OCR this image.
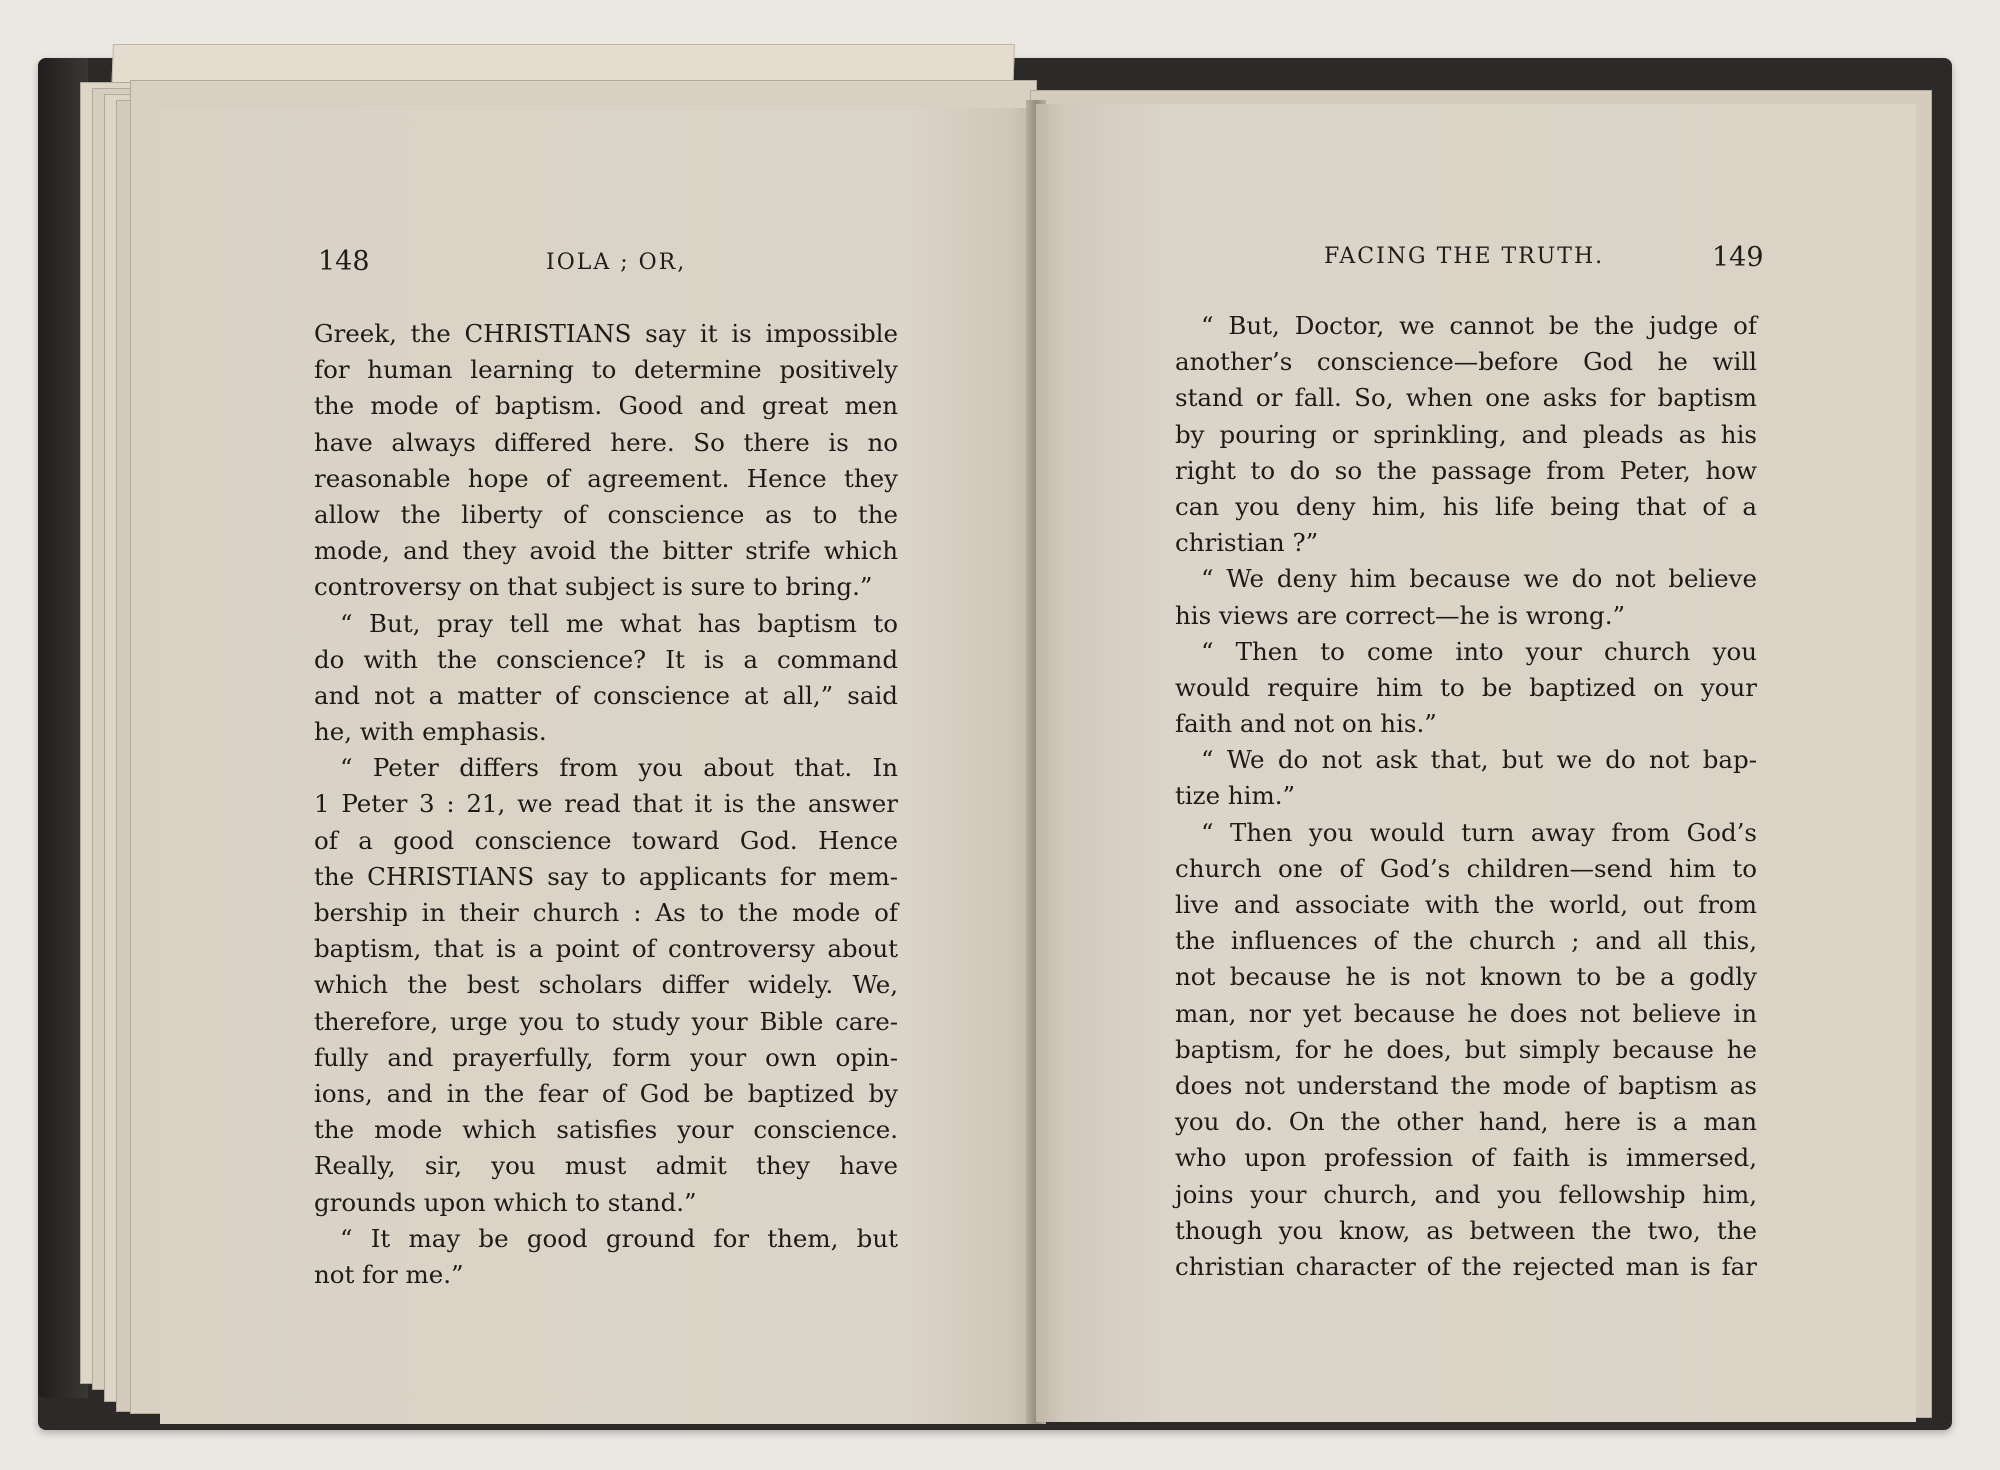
148	IOLA ; OR,
Greek, the CHRISTIANS say it is impossible
for human learning to determine positively
the mode of baptism. Good and great men
have always differed here. So there is no
reasonable hope of agreement. Hence they
allow the liberty of conscience as to the
mode, and they avoid the bitter strife which
controversy on that subject is sure to bring.”
“ But, pray tell me what has baptism to
do with the conscience? It is a command
and not a matter of conscience at all,” said
he, with emphasis.
“ Peter differs from you about that. In
1 Peter 3 : 21, we read that it is the answer
of a good conscience toward God. Hence
the CHRISTIANS say to applicants for mem-
bership in their church : As to the mode of
baptism, that is a point of controversy about
which the best scholars differ widely. We,
therefore, urge you to study your Bible care-
fully and prayerfully, form your own opin-
ions, and in the fear of God be baptized by
the mode which satisfies your conscience.
Really, sir, you must admit they have
grounds upon which to stand.”
“ It may be good ground for them, but
not for me.”
FACING THE TRUTH.	149
“ But, Doctor, we cannot be the judge of
another’s conscience—before God he will
stand or fall. So, when one asks for baptism
by pouring or sprinkling, and pleads as his
right to do so the passage from Peter, how
can you deny him, his life being that of a
christian ?”
“ We deny him because we do not believe
his views are correct—he is wrong.”
“ Then to come into your church you
would require him to be baptized on your
faith and not on his.”
“ We do not ask that, but we do not bap-
tize him.”
“ Then you would turn away from God’s
church one of God’s children—send him to
live and associate with the world, out from
the influences of the church ; and all this,
not because he is not known to be a godly
man, nor yet because he does not believe in
baptism, for he does, but simply because he
does not understand the mode of baptism as
you do. On the other hand, here is a man
who upon profession of faith is immersed,
joins your church, and you fellowship him,
though you know, as between the two, the
christian character of the rejected man is far
